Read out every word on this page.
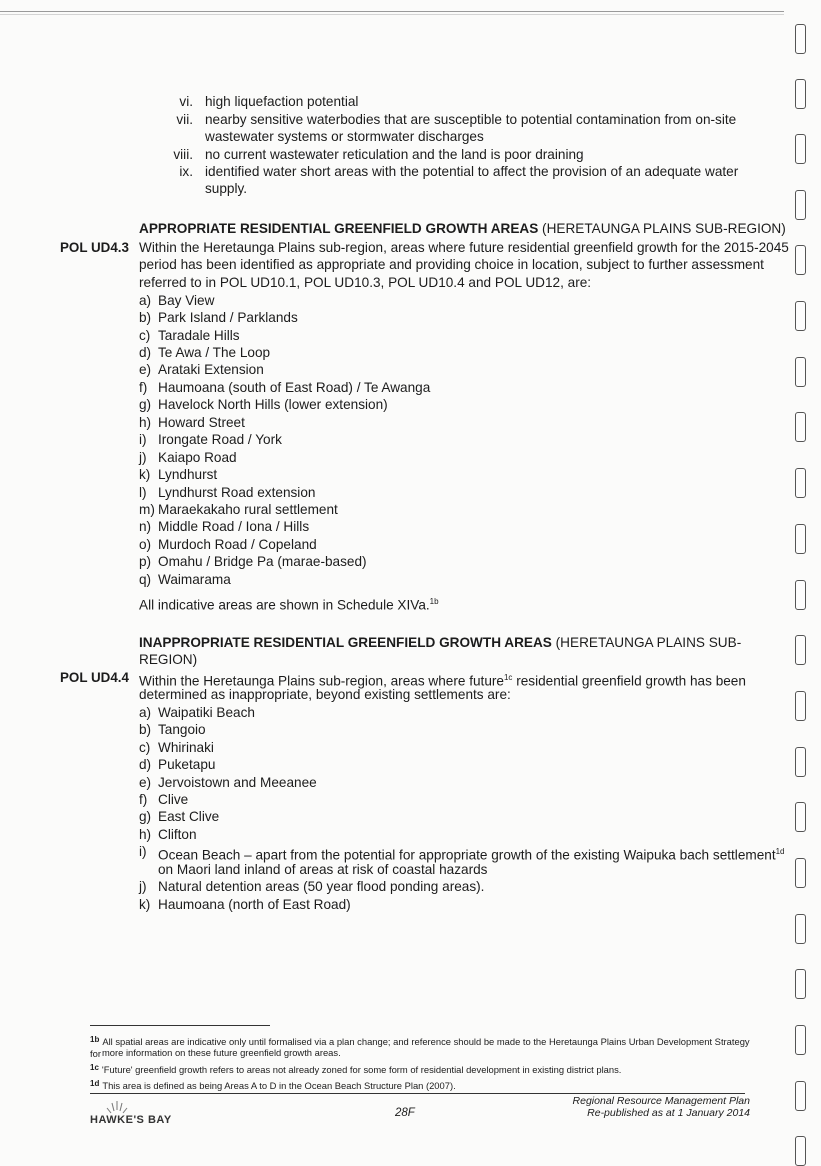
vi. high liquefaction potential
vii. nearby sensitive waterbodies that are susceptible to potential contamination from on-site
wastewater systems or stormwater discharges
viii. no current wastewater reticulation and the land is poor draining
ix. identified water short areas with the potential to affect the provision of an adequate water
supply.
APPROPRIATE RESIDENTIAL GREENFIELD GROWTH AREAS (HERETAUNGA PLAINS SUB-REGION)
POL UD4.3 Within the Heretaunga Plains sub-region, areas where future residential greenfield growth for the 2015-2045
period has been identified as appropriate and providing choice in location, subject to further assessment
referred to in POL UD10.1, POL UD10.3, POL UD10.4 and POL UD12, are:
a) Bay View
b) Park Island / Parklands
c) Taradale Hills
d) Te Awa / The Loop
e) Arataki Extension
f) Haumoana (south of East Road) / Te Awanga
g) Havelock North Hills (lower extension)
h) Howard Street
i) Irongate Road / York
j) Kaiapo Road
k) Lyndhurst
l) Lyndhurst Road extension
m) Maraekakaho rural settlement
n) Middle Road / Iona / Hills
o) Murdoch Road / Copeland
p) Omahu / Bridge Pa (marae-based)
q) Waimarama
All indicative areas are shown in Schedule XIVa.$^{1b}$
INAPPROPRIATE RESIDENTIAL GREENFIELD GROWTH AREAS (HERETAUNGA PLAINS SUB-
REGION)
POL UD4.4 Within the Heretaunga Plains sub-region, areas where future$^{1c}$ residential greenfield growth has been
determined as inappropriate, beyond existing settlements are:
a) Waipatiki Beach
b) Tangoio
c) Whirinaki
d) Puketapu
e) Jervoistown and Meeanee
f) Clive
g) East Clive
h) Clifton
i) Ocean Beach – apart from the potential for appropriate growth of the existing Waipuka bach settlement$^{1d}$
on Maori land inland of areas at risk of coastal hazards
j) Natural detention areas (50 year flood ponding areas).
k) Haumoana (north of East Road)
$^{1b}$ All spatial areas are indicative only until formalised via a plan change; and reference should be made to the Heretaunga Plains Urban Development Strategy for more information on these future greenfield growth areas.
$^{1c}$ 'Future' greenfield growth refers to areas not already zoned for some form of residential development in existing district plans.
$^{1d}$ This area is defined as being Areas A to D in the Ocean Beach Structure Plan (2007).
HAWKE'S BAY
28F
Regional Resource Management Plan
Re-published as at 1 January 2014
